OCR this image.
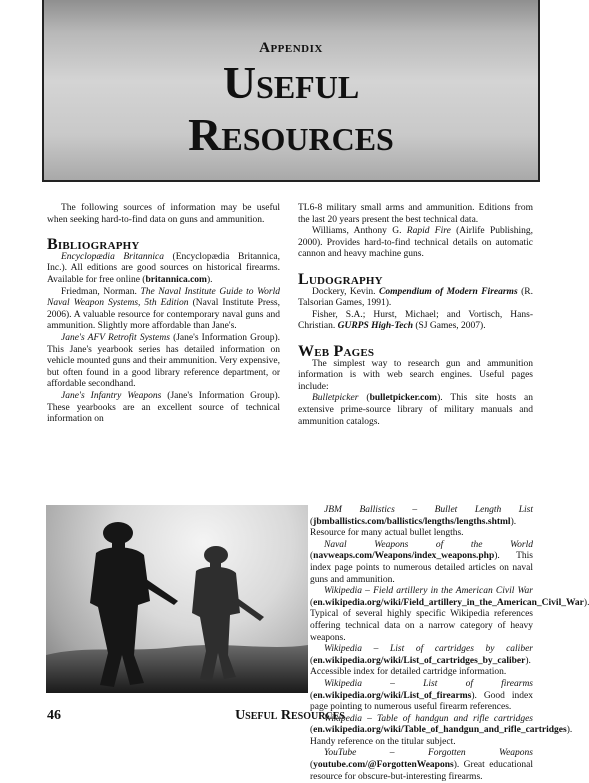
Appendix
Useful
Resources

The following sources of information may be useful when seeking hard-to-find data on guns and ammunition.

Bibliography

Encyclopædia Britannica (Encyclopædia Britannica, Inc.). All editions are good sources on historical firearms. Available for free online (britannica.com).

Friedman, Norman. The Naval Institute Guide to World Naval Weapon Systems, 5th Edition (Naval Institute Press, 2006). A valuable resource for contemporary naval guns and ammunition. Slightly more affordable than Jane's.

Jane's AFV Retrofit Systems (Jane's Information Group). This Jane's yearbook series has detailed information on vehicle mounted guns and their ammunition. Very expensive, but often found in a good library reference department, or affordable secondhand.

Jane's Infantry Weapons (Jane's Information Group). These yearbooks are an excellent source of technical information on

TL6-8 military small arms and ammunition. Editions from the last 20 years present the best technical data.

Williams, Anthony G. Rapid Fire (Airlife Publishing, 2000). Provides hard-to-find technical details on automatic cannon and heavy machine guns.

Ludography

Dockery, Kevin. Compendium of Modern Firearms (R. Talsorian Games, 1991).

Fisher, S.A.; Hurst, Michael; and Vortisch, Hans-Christian. GURPS High-Tech (SJ Games, 2007).

Web Pages

The simplest way to research gun and ammunition information is with web search engines. Useful pages include:

Bulletpicker (bulletpicker.com). This site hosts an extensive prime-source library of military manuals and ammunition catalogs.

JBM Ballistics – Bullet Length List (jbmballistics.com/ballistics/lengths/lengths.shtml). Resource for many actual bullet lengths.

Naval Weapons of the World (navweaps.com/Weapons/index_weapons.php). This index page points to numerous detailed articles on naval guns and ammunition.

Wikipedia – Field artillery in the American Civil War (en.wikipedia.org/wiki/Field_artillery_in_the_American_Civil_War). Typical of several highly specific Wikipedia references offering technical data on a narrow category of heavy weapons.

Wikipedia – List of cartridges by caliber (en.wikipedia.org/wiki/List_of_cartridges_by_caliber). Accessible index for detailed cartridge information.

Wikipedia – List of firearms (en.wikipedia.org/wiki/List_of_firearms). Good index page pointing to numerous useful firearm references.

Wikipedia – Table of handgun and rifle cartridges (en.wikipedia.org/wiki/Table_of_handgun_and_rifle_cartridges). Handy reference on the titular subject.

YouTube – Forgotten Weapons (youtube.com/@ForgottenWeapons). Great educational resource for obscure-but-interesting firearms.

46	Useful Resources
